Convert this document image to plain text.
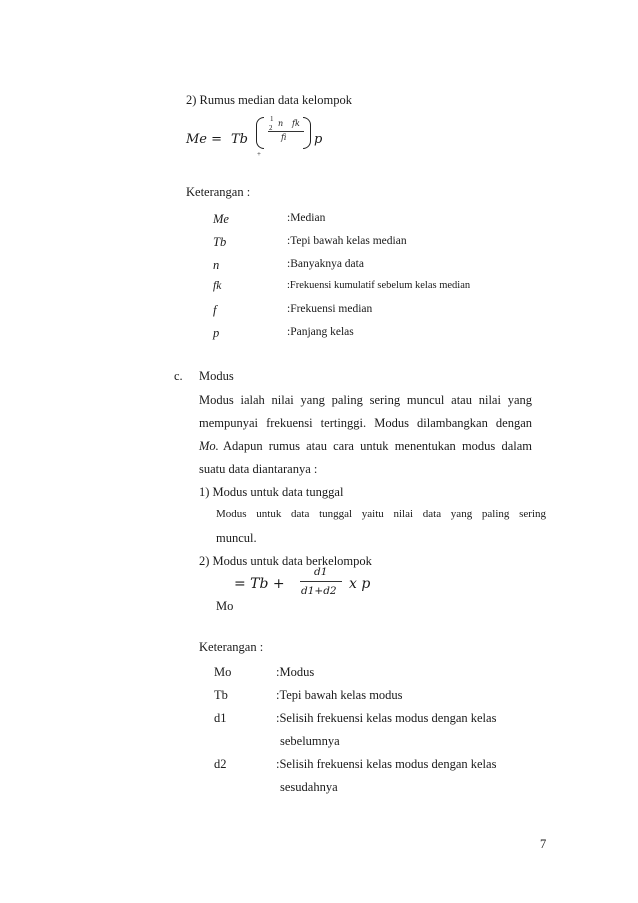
2) Rumus median data kelompok
Me = Tb
1
2 n fk
fi p
+
Keterangan :
Me	:Median
Tb	:Tepi bawah kelas median
n	:Banyaknya data
fk	:Frekuensi kumulatif sebelum kelas median
f	:Frekuensi median
p	:Panjang kelas
c. Modus
Modus ialah nilai yang paling sering muncul atau nilai yang
mempunyai frekuensi tertinggi. Modus dilambangkan dengan
Mo. Adapun rumus atau cara untuk menentukan modus dalam
suatu data diantaranya :
1) Modus untuk data tunggal
Modus untuk data tunggal yaitu nilai data yang paling sering
muncul.
2) Modus untuk data berkelompok
= Tb +
d1
d1+d2 x p
Mo
Keterangan :
Mo	:Modus
Tb	:Tepi bawah kelas modus
d1	:Selisih frekuensi kelas modus dengan kelas
sebelumnya
d2	:Selisih frekuensi kelas modus dengan kelas
sesudahnya
7
